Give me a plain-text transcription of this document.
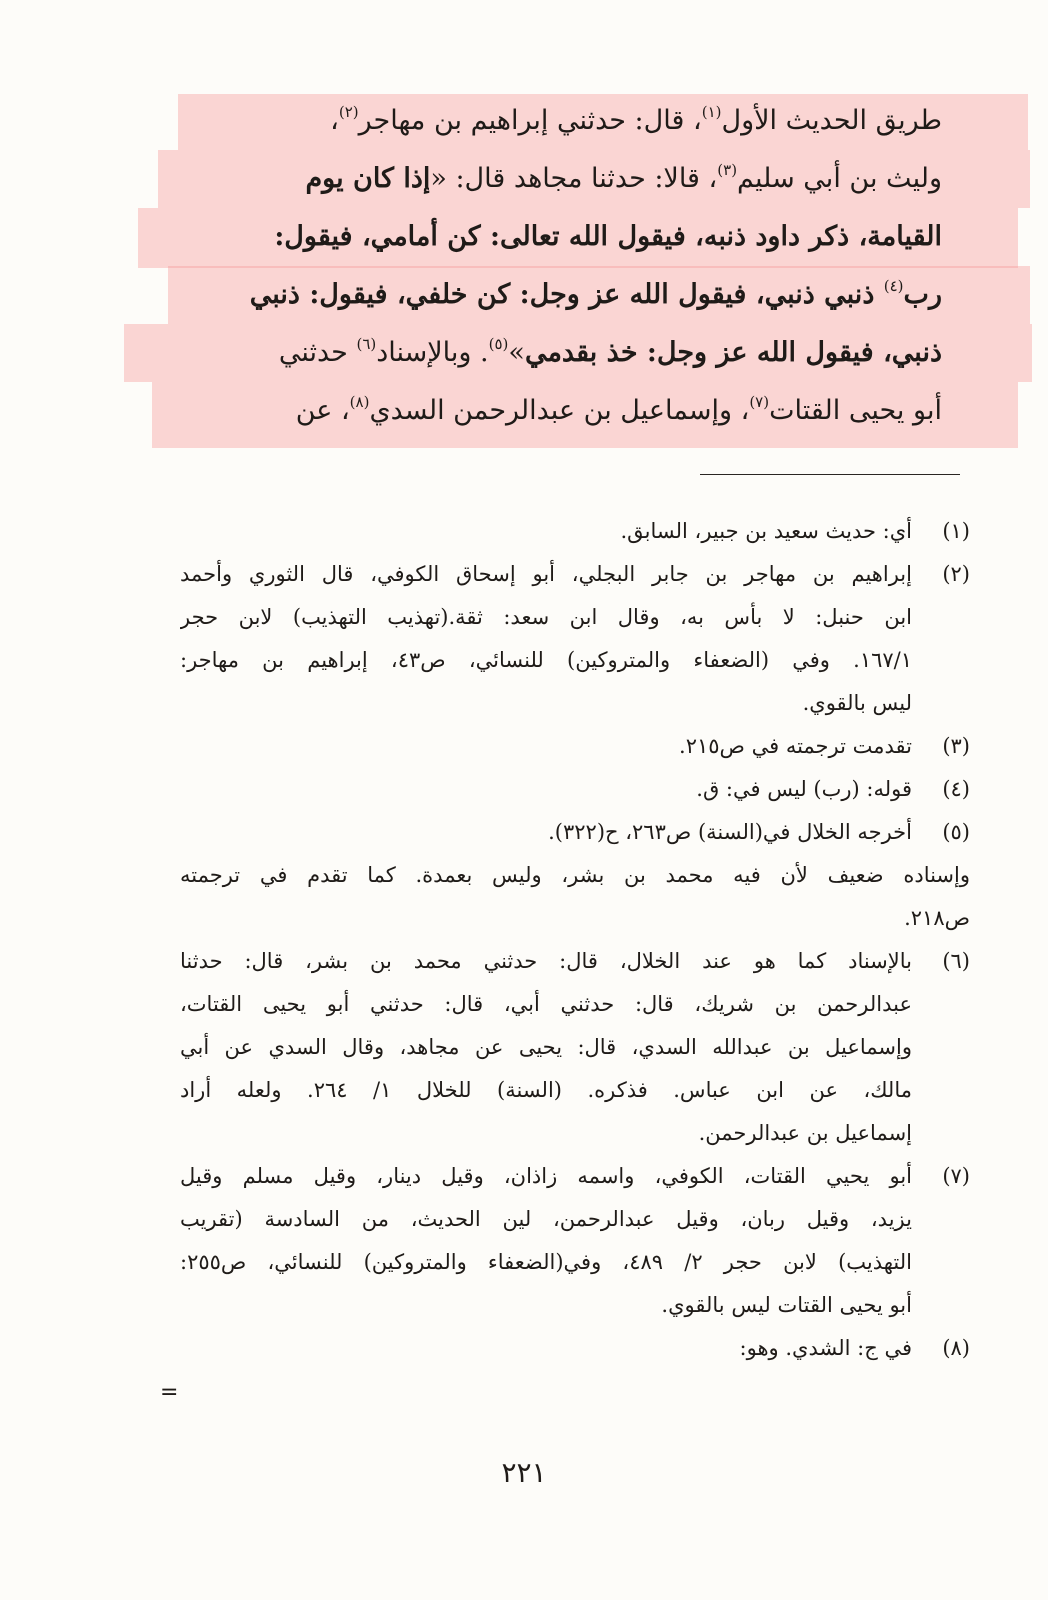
طريق الحديث الأول$^{(١)}$، قال: حدثني إبراهيم بن مهاجر$^{(٢)}$،
وليث بن أبي سليم$^{(٣)}$، قالا: حدثنا مجاهد قال: «إذا كان يوم
القيامة، ذكر داود ذنبه، فيقول الله تعالى: كن أمامي، فيقول:
رب$^{(٤)}$ ذنبي ذنبي، فيقول الله عز وجل: كن خلفي، فيقول: ذنبي
ذنبي، فيقول الله عز وجل: خذ بقدمي»$^{(٥)}$. وبالإسناد$^{(٦)}$ حدثني
أبو يحيى القتات$^{(٧)}$، وإسماعيل بن عبدالرحمن السدي$^{(٨)}$، عن
(١)
أي: حديث سعيد بن جبير، السابق.
(٢)
إبراهيم بن مهاجر بن جابر البجلي، أبو إسحاق الكوفي، قال الثوري وأحمد
ابن حنبل: لا بأس به، وقال ابن سعد: ثقة.(تهذيب التهذيب) لابن حجر
١٦٧/١. وفي (الضعفاء والمتروكين) للنسائي، ص٤٣، إبراهيم بن مهاجر:
ليس بالقوي.
(٣)
تقدمت ترجمته في ص٢١٥.
(٤)
قوله: (رب) ليس في: ق.
(٥)
أخرجه الخلال في(السنة) ص٢٦٣، ح(٣٢٢).
وإسناده ضعيف لأن فيه محمد بن بشر، وليس بعمدة. كما تقدم في ترجمته
ص٢١٨.
(٦)
بالإسناد كما هو عند الخلال، قال: حدثني محمد بن بشر، قال: حدثنا
عبدالرحمن بن شريك، قال: حدثني أبي، قال: حدثني أبو يحيى القتات،
وإسماعيل بن عبدالله السدي، قال: يحيى عن مجاهد، وقال السدي عن أبي
مالك، عن ابن عباس. فذكره. (السنة) للخلال ١/ ٢٦٤. ولعله أراد
إسماعيل بن عبدالرحمن.
(٧)
أبو يحيي القتات، الكوفي، واسمه زاذان، وقيل دينار، وقيل مسلم وقيل
يزيد، وقيل ربان، وقيل عبدالرحمن، لين الحديث، من السادسة (تقريب
التهذيب) لابن حجر ٢/ ٤٨٩، وفي(الضعفاء والمتروكين) للنسائي، ص٢٥٥:
أبو يحيى القتات ليس بالقوي.
(٨)
في ج: الشدي. وهو:
=
٢٢١
